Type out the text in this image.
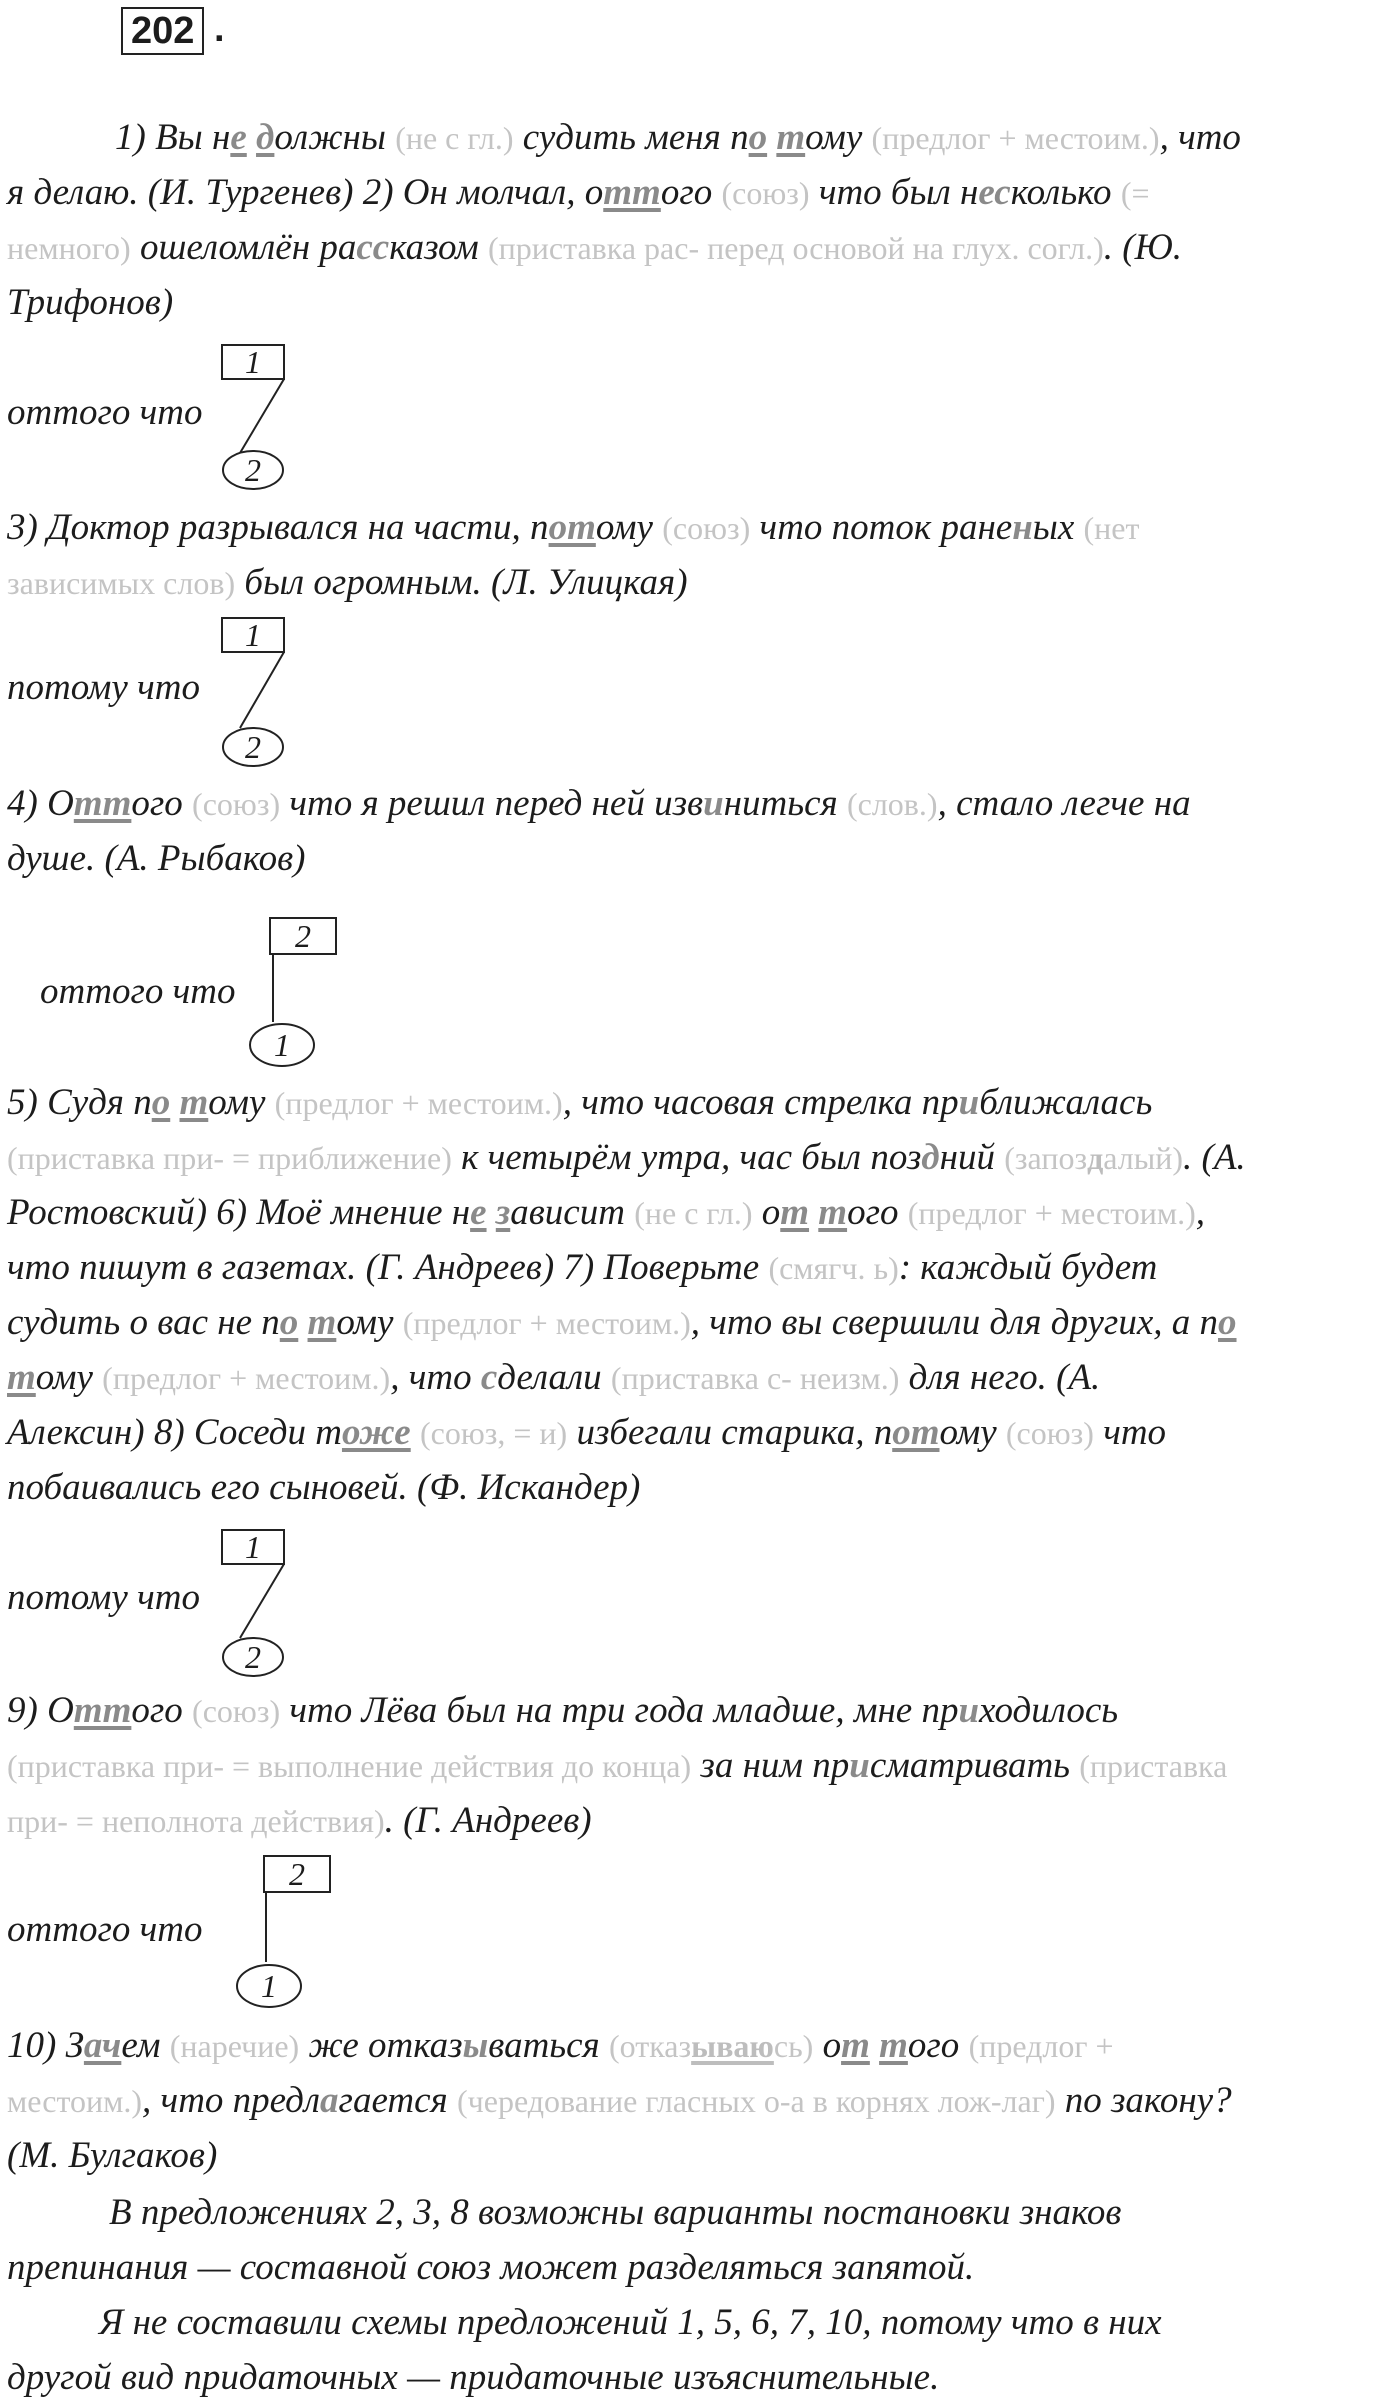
202 .
1) Вы не должны (не с гл.) судить меня по тому (предлог + местоим.), что
я делаю. (И. Тургенев) 2) Он молчал, оттого (союз) что был несколько (=
немного) ошеломлён рассказом (приставка рас- перед основой на глух. согл.). (Ю.
Трифонов)
оттого что
1
2
3) Доктор разрывался на части, потому (союз) что поток раненых (нет
зависимых слов) был огромным. (Л. Улицкая)
потому что
1
2
4) Оттого (союз) что я решил перед ней извиниться (слов.), стало легче на
душе. (А. Рыбаков)
оттого что
2
1
5) Судя по тому (предлог + местоим.), что часовая стрелка приближалась
(приставка при- = приближение) к четырём утра, час был поздний (запоздалый). (А.
Ростовский) 6) Моё мнение не зависит (не с гл.) от того (предлог + местоим.),
что пишут в газетах. (Г. Андреев) 7) Поверьте (смягч. ь): каждый будет
судить о вас не по тому (предлог + местоим.), что вы свершили для других, а по
тому (предлог + местоим.), что сделали (приставка с- неизм.) для него. (А.
Алексин) 8) Соседи тоже (союз, = и) избегали старика, потому (союз) что
побаивались его сыновей. (Ф. Искандер)
потому что
1
2
9) Оттого (союз) что Лёва был на три года младше, мне приходилось
(приставка при- = выполнение действия до конца) за ним присматривать (приставка
при- = неполнота действия). (Г. Андреев)
оттого что
2
1
10) Зачем (наречие) же отказываться (отказываюсь) от того (предлог +
местоим.), что предлагается (чередование гласных о-а в корнях лож-лаг) по закону?
(М. Булгаков)
В предложениях 2, 3, 8 возможны варианты постановки знаков
препинания — составной союз может разделяться запятой.
Я не составили схемы предложений 1, 5, 6, 7, 10, потому что в них
другой вид придаточных — придаточные изъяснительные.
